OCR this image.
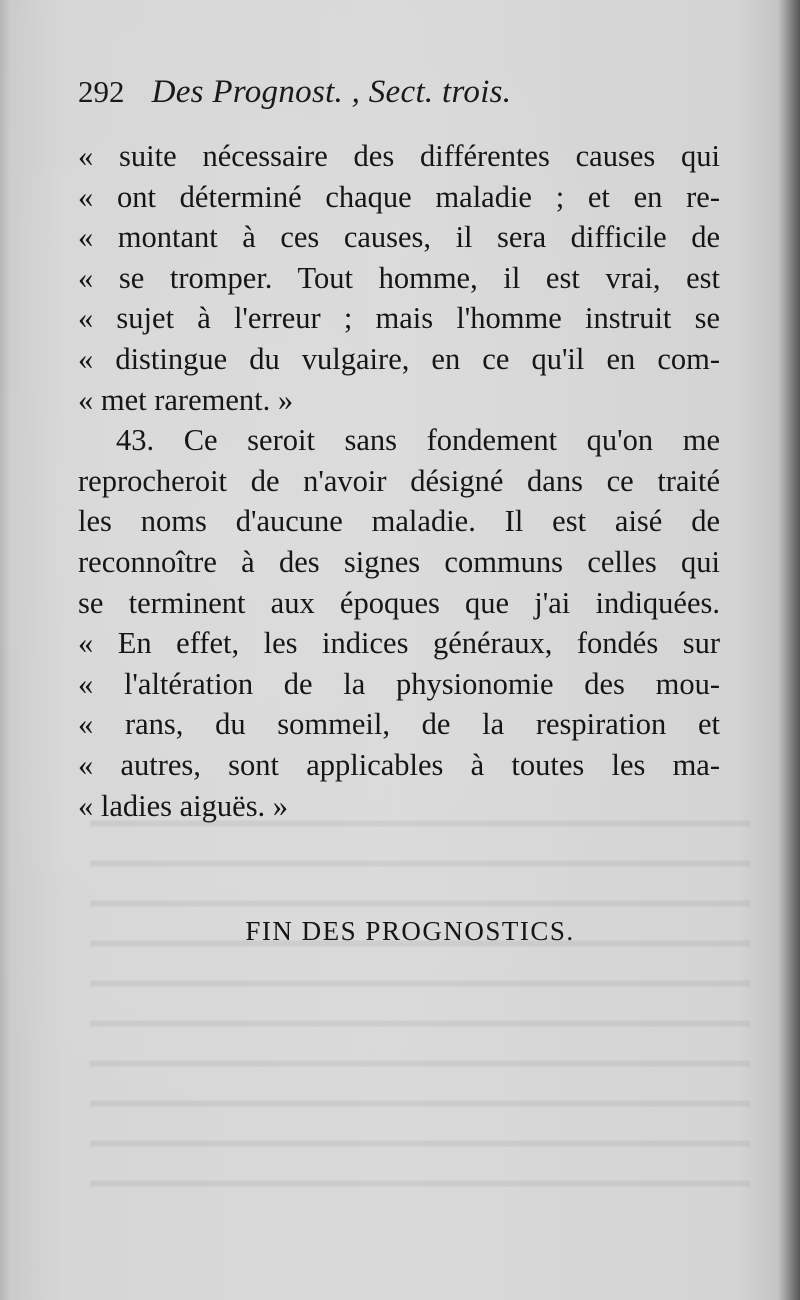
292 Des Prognost. , Sect. trois.
« suite nécessaire des différentes causes qui
« ont déterminé chaque maladie ; et en re-
« montant à ces causes, il sera difficile de
« se tromper. Tout homme, il est vrai, est
« sujet à l'erreur ; mais l'homme instruit se
« distingue du vulgaire, en ce qu'il en com-
« met rarement. »
43. Ce seroit sans fondement qu'on me
reprocheroit de n'avoir désigné dans ce traité
les noms d'aucune maladie. Il est aisé de
reconnoître à des signes communs celles qui
se terminent aux époques que j'ai indiquées.
« En effet, les indices généraux, fondés sur
« l'altération de la physionomie des mou-
« rans, du sommeil, de la respiration et
« autres, sont applicables à toutes les ma-
« ladies aiguës. »
FIN DES PROGNOSTICS.
